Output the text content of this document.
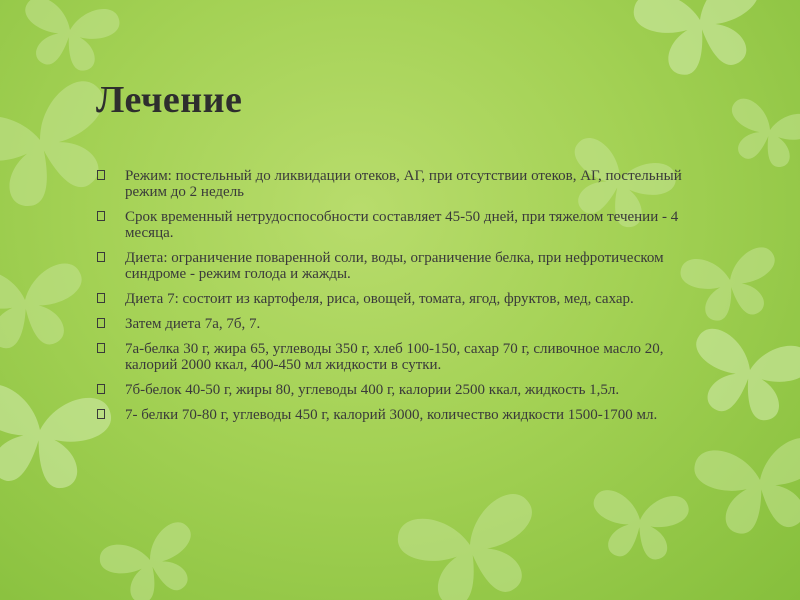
Лечение
Режим: постельный до ликвидации отеков, АГ, при отсутствии отеков, АГ, постельный режим до 2 недель
Срок временный нетрудоспособности составляет 45-50 дней, при тяжелом течении - 4 месяца.
Диета: ограничение поваренной соли, воды, ограничение белка, при нефротическом синдроме - режим голода и жажды.
Диета 7: состоит из картофеля, риса, овощей, томата, ягод, фруктов, мед, сахар.
Затем диета 7а, 7б, 7.
7а-белка 30 г, жира 65, углеводы 350 г, хлеб 100-150, сахар 70 г, сливочное масло 20, калорий 2000 ккал, 400-450 мл жидкости в сутки.
7б-белок 40-50 г, жиры 80, углеводы 400 г, калории 2500 ккал, жидкость 1,5л.
7- белки 70-80 г, углеводы 450 г, калорий 3000, количество жидкости 1500-1700 мл.
